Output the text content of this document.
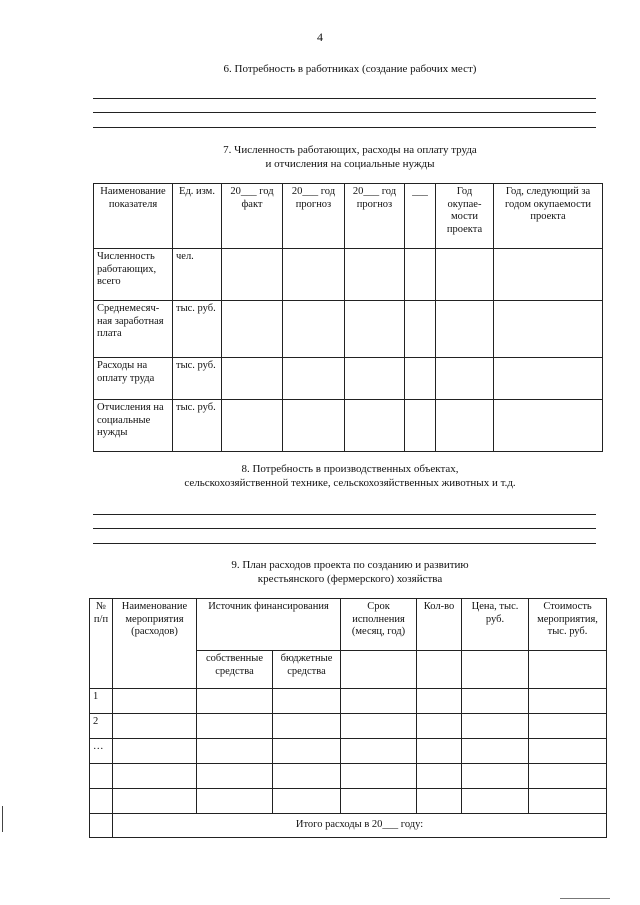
4
6. Потребность в работниках (создание рабочих мест)
7. Численность работающих, расходы на оплату труда
и отчисления на социальные нужды
Наименование показателя	Ед. изм.	20___ год факт	20___ год прогноз	20___ год прогноз	___	Год окупае-мости проекта	Год, следующий за годом окупаемости проекта
Численность работающих, всего	чел.						
Среднемесяч-ная заработная плата	тыс. руб.						
Расходы на оплату труда	тыс. руб.						
Отчисления на социальные нужды	тыс. руб.						
8. Потребность в производственных объектах,
сельскохозяйственной технике, сельскохозяйственных животных и т.д.
9. План расходов проекта по созданию и развитию
крестьянского (фермерского) хозяйства
№ п/п	Наименование мероприятия (расходов)	Источник финансирования		Срок исполнения (месяц, год)	Кол-во	Цена, тыс. руб.	Стоимость мероприятия, тыс. руб.
		собственные средства	бюджетные средства				
1							
2							
…							

	Итого расходы в 20___ году:						
